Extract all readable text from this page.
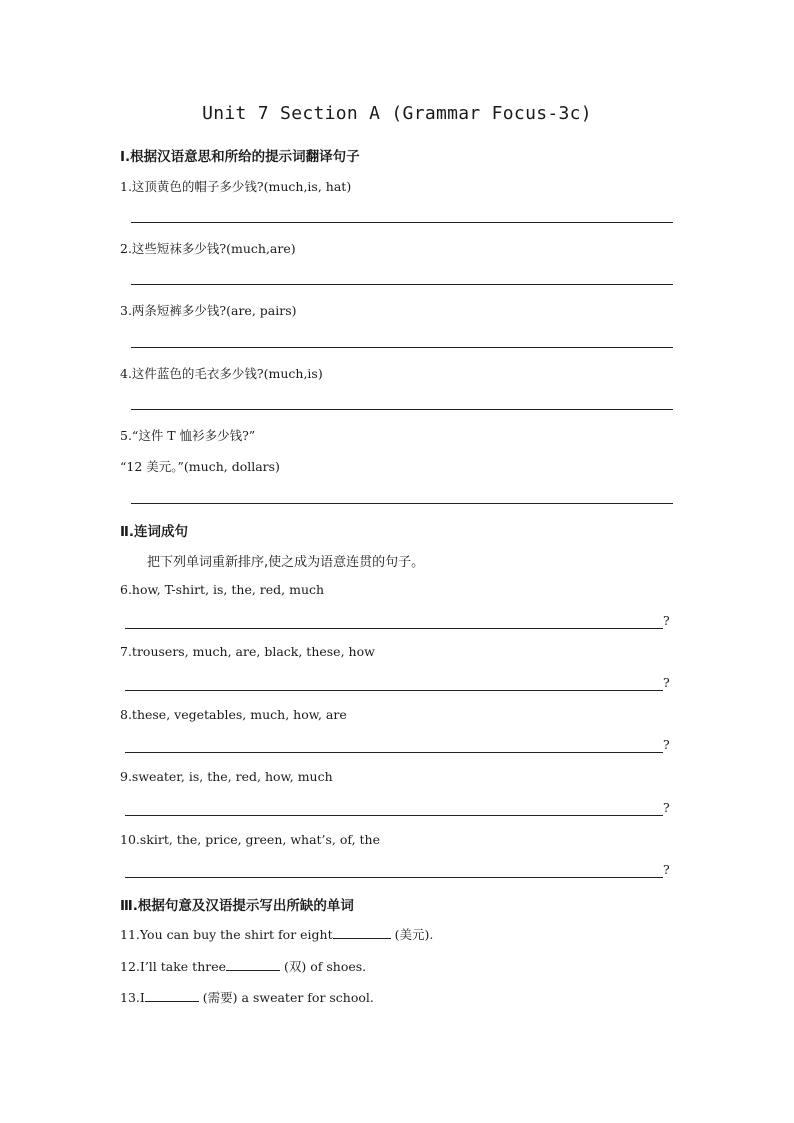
Unit 7 Section A (Grammar Focus-3c)
Ⅰ.根据汉语意思和所给的提示词翻译句子
1.这顶黄色的帽子多少钱?(much,is, hat)
2.这些短袜多少钱?(much,are)
3.两条短裤多少钱?(are, pairs)
4.这件蓝色的毛衣多少钱?(much,is)
5.“这件 T 恤衫多少钱?”
“12 美元。”(much, dollars)
Ⅱ.连词成句
把下列单词重新排序,使之成为语意连贯的句子。
6.how, T-shirt, is, the, red, much
?
7.trousers, much, are, black, these, how
?
8.these, vegetables, much, how, are
?
9.sweater, is, the, red, how, much
?
10.skirt, the, price, green, what’s, of, the
?
Ⅲ.根据句意及汉语提示写出所缺的单词
11.You can buy the shirt for eight	(美元).
12.I’ll take three	(双) of shoes.
13.I	(需要) a sweater for school.
